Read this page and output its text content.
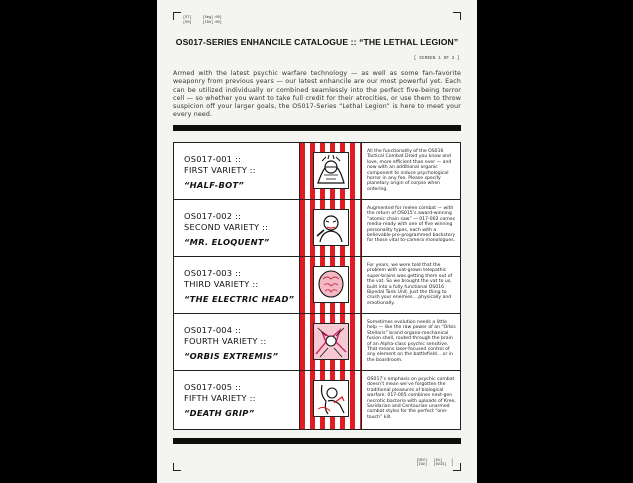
[ST]     [Seg].00]
[00]     [ID#].00]
[DEV]   [01]    ]
[ID#]   [0233]  ]
OS017-SERIES ENHANCILE CATALOGUE :: “THE LETHAL LEGION”
[ SCREEN 1 OF 2 ]
Armed with the latest psychic warfare technology — as well as some fan-favorite weaponry from previous years — our latest enhancile are our most powerful yet. Each can be utilized individually or combined seamlessly into the perfect five-being terror cell — so whether you want to take full credit for their atrocities, or use them to throw suspicion off your larger goals, the OS017-Series “Lethal Legion” is here to meet your every need.
OS017-001 ::
FIRST VARIETY ::
“HALF-BOT”
All the functionality of the OS016 Tactical Combat Droid you know and love, more efficient than ever — and now with an additional organic component to induce psychological horror in any foe. Please specify planetary origin of corpse when ordering.
OS017-002 ::
SECOND VARIETY ::
“MR. ELOQUENT”
Augmented for melee combat — with the return of OS015’s award-winning “atomic chain saw” — 017-002 comes media-ready with one of five winning personality types, each with a believable pre-programmed backstory for those vital to-camera monologues.
OS017-003 ::
THIRD VARIETY ::
“THE ELECTRIC HEAD”
For years, we were told that the problem with vat-grown telepathic super-brains was getting them out of the vat. So we brought the vat to us, built into a fully functional OS016 Bipedal Tank Unit. Just the thing to crush your enemies... physically and emotionally.
OS017-004 ::
FOURTH VARIETY ::
“ORBIS EXTREMIS”
Sometimes evolution needs a little help — like the raw power of an “Orbis Stellaris” brand organo-mechanical fusion shell, routed through the brain of an Alpha-class psychic sensitive. That means laser-focused control of any element on the battlefield... or in the boardroom.
OS017-005 ::
FIFTH VARIETY ::
“DEATH GRIP”
OS017’s emphasis on psychic combat doesn’t mean we’ve forgotten the traditional pleasures of biological warfare. 017-005 combines next-gen necrotic bacteria with uploads of Kree, Saridarian and Centaurian unarmed combat styles for the perfect “one-touch” kill.
